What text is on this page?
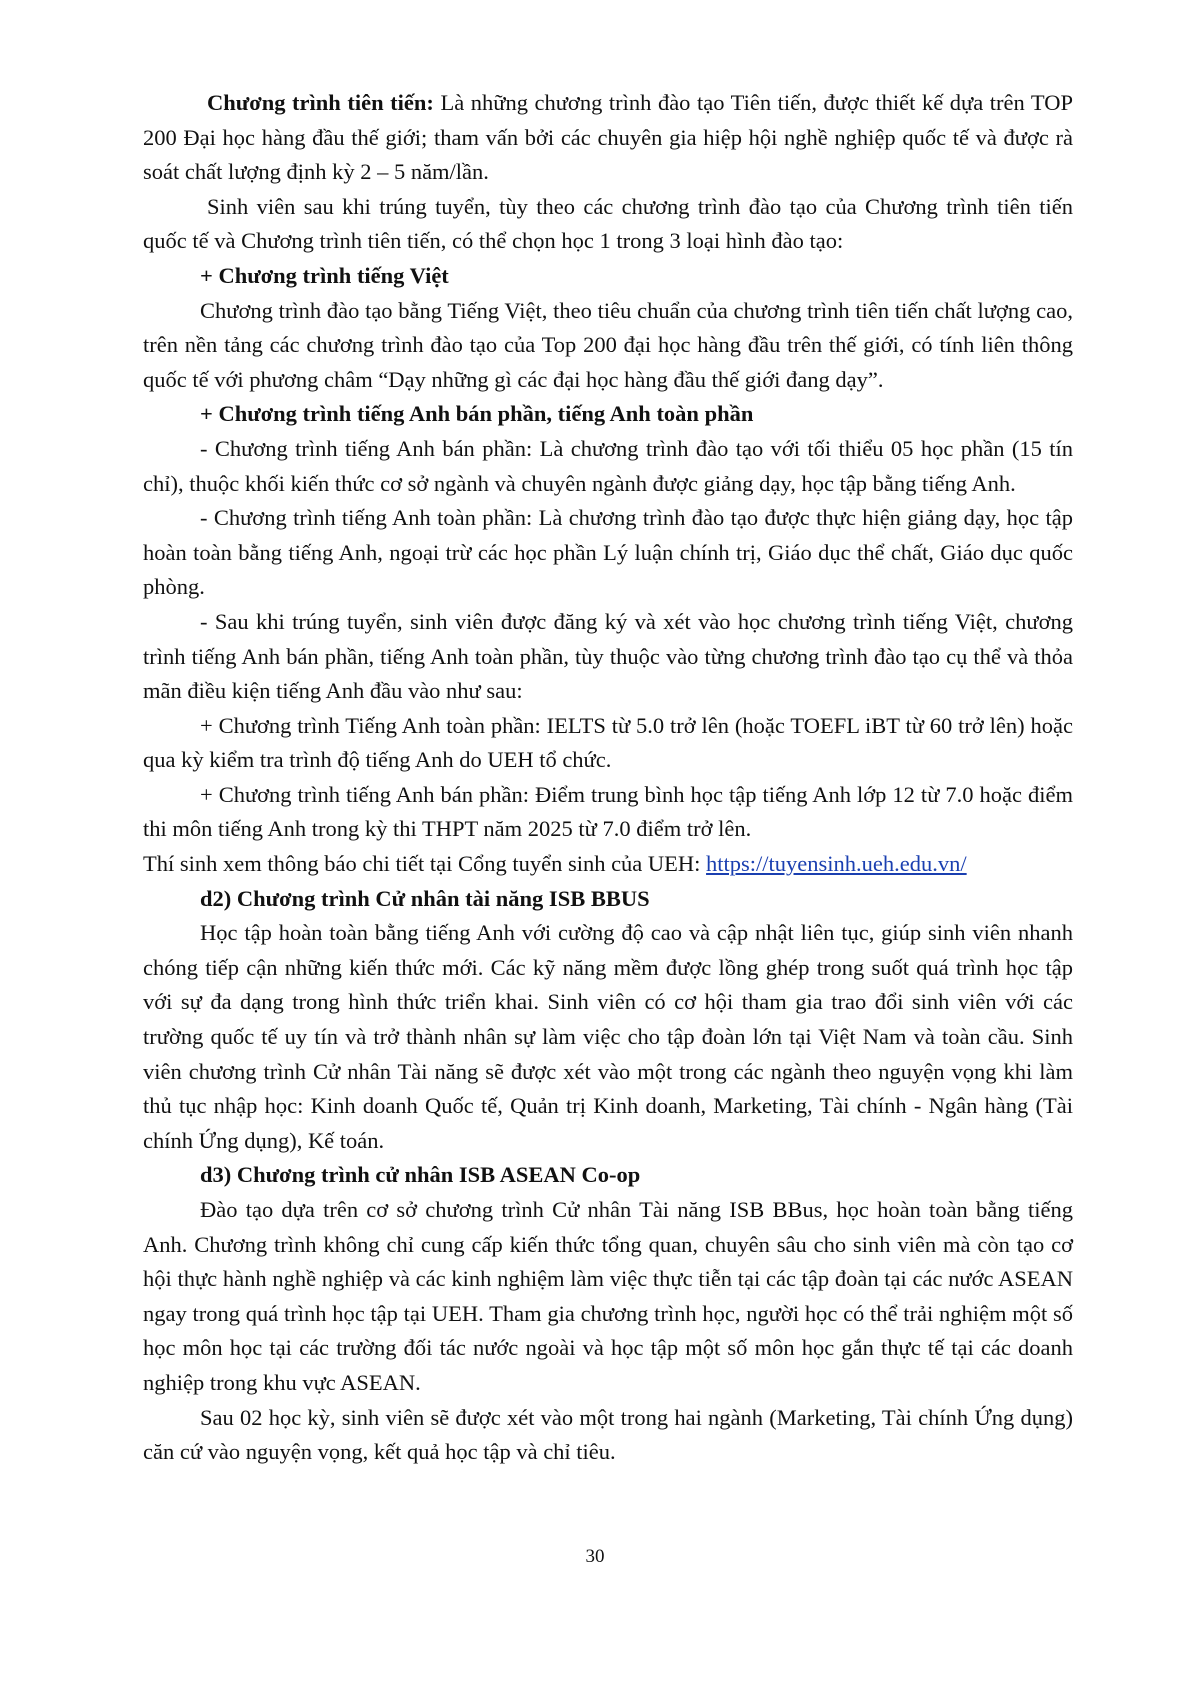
Chương trình tiên tiến: Là những chương trình đào tạo Tiên tiến, được thiết kế dựa trên TOP 200 Đại học hàng đầu thế giới; tham vấn bởi các chuyên gia hiệp hội nghề nghiệp quốc tế và được rà soát chất lượng định kỳ 2 – 5 năm/lần.

Sinh viên sau khi trúng tuyển, tùy theo các chương trình đào tạo của Chương trình tiên tiến quốc tế và Chương trình tiên tiến, có thể chọn học 1 trong 3 loại hình đào tạo:

+ Chương trình tiếng Việt

Chương trình đào tạo bằng Tiếng Việt, theo tiêu chuẩn của chương trình tiên tiến chất lượng cao, trên nền tảng các chương trình đào tạo của Top 200 đại học hàng đầu trên thế giới, có tính liên thông quốc tế với phương châm “Dạy những gì các đại học hàng đầu thế giới đang dạy”.

+ Chương trình tiếng Anh bán phần, tiếng Anh toàn phần

- Chương trình tiếng Anh bán phần: Là chương trình đào tạo với tối thiểu 05 học phần (15 tín chỉ), thuộc khối kiến thức cơ sở ngành và chuyên ngành được giảng dạy, học tập bằng tiếng Anh.

- Chương trình tiếng Anh toàn phần: Là chương trình đào tạo được thực hiện giảng dạy, học tập hoàn toàn bằng tiếng Anh, ngoại trừ các học phần Lý luận chính trị, Giáo dục thể chất, Giáo dục quốc phòng.

- Sau khi trúng tuyển, sinh viên được đăng ký và xét vào học chương trình tiếng Việt, chương trình tiếng Anh bán phần, tiếng Anh toàn phần, tùy thuộc vào từng chương trình đào tạo cụ thể và thỏa mãn điều kiện tiếng Anh đầu vào như sau:

+ Chương trình Tiếng Anh toàn phần: IELTS từ 5.0 trở lên (hoặc TOEFL iBT từ 60 trở lên) hoặc qua kỳ kiểm tra trình độ tiếng Anh do UEH tổ chức.

+ Chương trình tiếng Anh bán phần: Điểm trung bình học tập tiếng Anh lớp 12 từ 7.0 hoặc điểm thi môn tiếng Anh trong kỳ thi THPT năm 2025 từ 7.0 điểm trở lên.

Thí sinh xem thông báo chi tiết tại Cổng tuyển sinh của UEH: https://tuyensinh.ueh.edu.vn/

d2) Chương trình Cử nhân tài năng ISB BBUS

Học tập hoàn toàn bằng tiếng Anh với cường độ cao và cập nhật liên tục, giúp sinh viên nhanh chóng tiếp cận những kiến thức mới. Các kỹ năng mềm được lồng ghép trong suốt quá trình học tập với sự đa dạng trong hình thức triển khai. Sinh viên có cơ hội tham gia trao đổi sinh viên với các trường quốc tế uy tín và trở thành nhân sự làm việc cho tập đoàn lớn tại Việt Nam và toàn cầu. Sinh viên chương trình Cử nhân Tài năng sẽ được xét vào một trong các ngành theo nguyện vọng khi làm thủ tục nhập học: Kinh doanh Quốc tế, Quản trị Kinh doanh, Marketing, Tài chính - Ngân hàng (Tài chính Ứng dụng), Kế toán.

d3) Chương trình cử nhân ISB ASEAN Co-op

Đào tạo dựa trên cơ sở chương trình Cử nhân Tài năng ISB BBus, học hoàn toàn bằng tiếng Anh. Chương trình không chỉ cung cấp kiến thức tổng quan, chuyên sâu cho sinh viên mà còn tạo cơ hội thực hành nghề nghiệp và các kinh nghiệm làm việc thực tiễn tại các tập đoàn tại các nước ASEAN ngay trong quá trình học tập tại UEH. Tham gia chương trình học, người học có thể trải nghiệm một số học môn học tại các trường đối tác nước ngoài và học tập một số môn học gắn thực tế tại các doanh nghiệp trong khu vực ASEAN.

Sau 02 học kỳ, sinh viên sẽ được xét vào một trong hai ngành (Marketing, Tài chính Ứng dụng) căn cứ vào nguyện vọng, kết quả học tập và chỉ tiêu.

30
